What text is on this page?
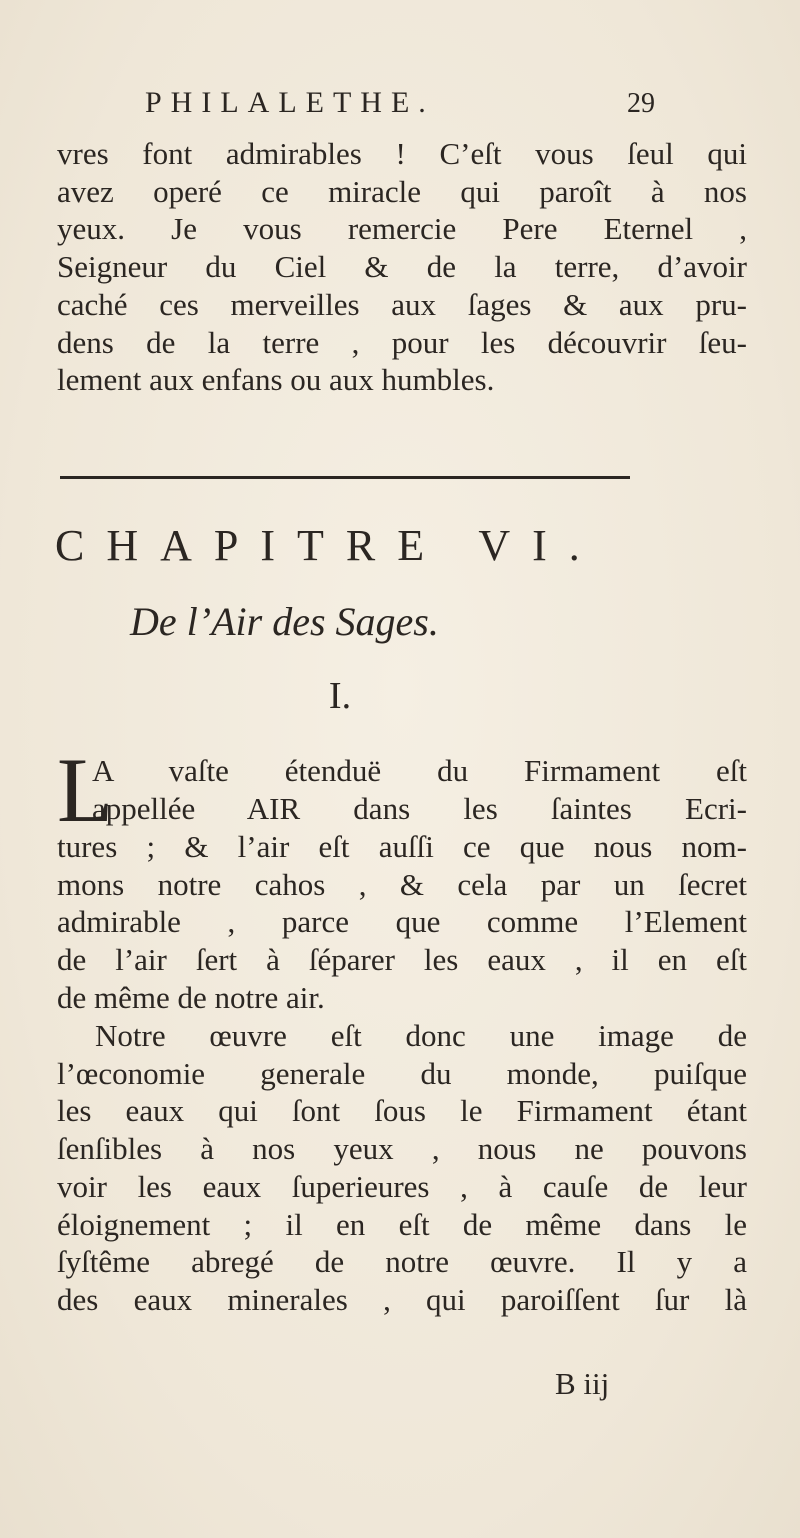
PHILALETHE.	29
vres font admirables ! C’eſt vous ſeul qui
avez operé ce miracle qui paroît à nos
yeux. Je vous remercie Pere Eternel ,
Seigneur du Ciel & de la terre, d’avoir
caché ces merveilles aux ſages & aux pru-
dens de la terre , pour les découvrir ſeu-
lement aux enfans ou aux humbles.
CHAPITRE VI.
De l’Air des Sages.
I.
L
A vaſte étenduë du Firmament eſt
appellée AIR dans les ſaintes Ecri-
tures ; & l’air eſt auſſi ce que nous nom-
mons notre cahos , & cela par un ſecret
admirable , parce que comme l’Element
de l’air ſert à ſéparer les eaux , il en eſt
de même de notre air.
Notre œuvre eſt donc une image de
l’œconomie generale du monde, puiſque
les eaux qui ſont ſous le Firmament étant
ſenſibles à nos yeux , nous ne pouvons
voir les eaux ſuperieures , à cauſe de leur
éloignement ; il en eſt de même dans le
ſyſtême abregé de notre œuvre. Il y a
des eaux minerales , qui paroiſſent ſur là
B iij
